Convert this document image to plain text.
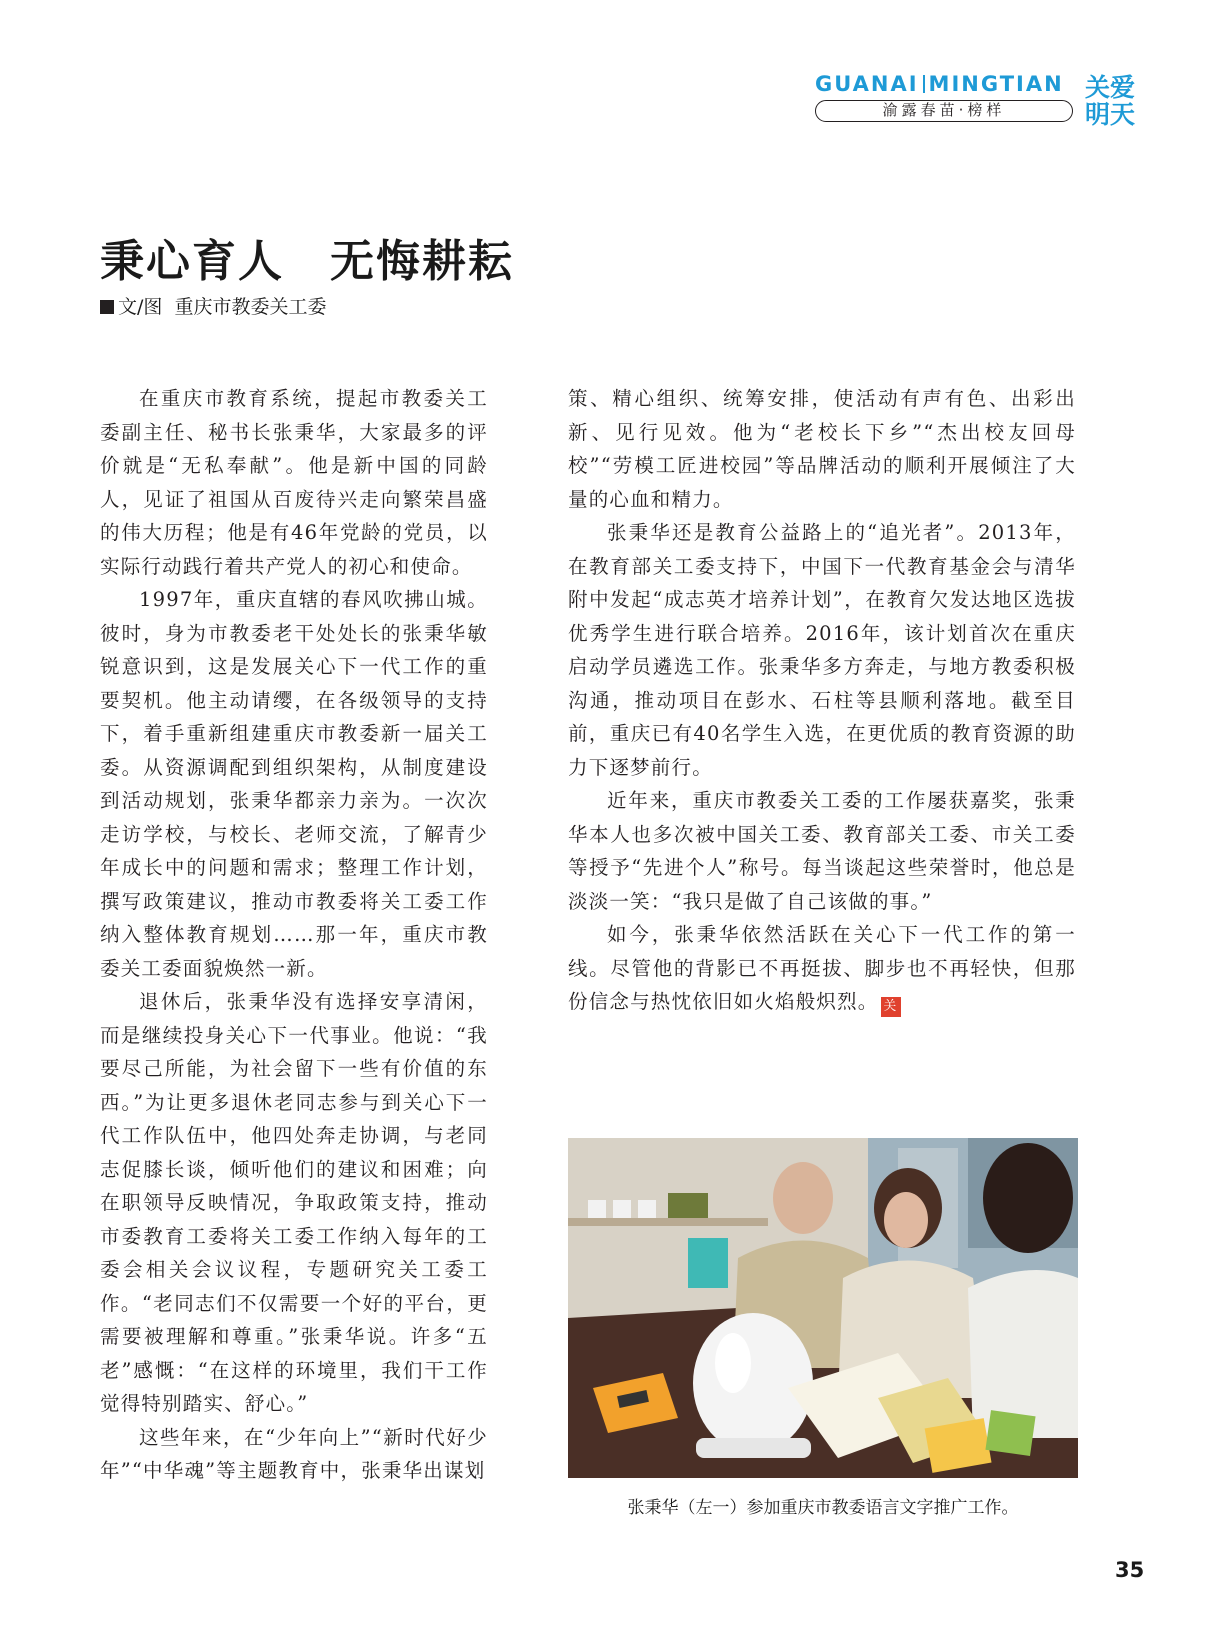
GUANAI MINGTIAN
渝露春苗·榜样
关爱
明天
秉心育人　无悔耕耘
文/图  重庆市教委关工委

在重庆市教育系统，提起市教委关工委副主任、秘书长张秉华，大家最多的评价就是“无私奉献”。他是新中国的同龄人，见证了祖国从百废待兴走向繁荣昌盛的伟大历程；他是有46年党龄的党员，以实际行动践行着共产党人的初心和使命。

1997年，重庆直辖的春风吹拂山城。彼时，身为市教委老干处处长的张秉华敏锐意识到，这是发展关心下一代工作的重要契机。他主动请缨，在各级领导的支持下，着手重新组建重庆市教委新一届关工委。从资源调配到组织架构，从制度建设到活动规划，张秉华都亲力亲为。一次次走访学校，与校长、老师交流，了解青少年成长中的问题和需求；整理工作计划，撰写政策建议，推动市教委将关工委工作纳入整体教育规划……那一年，重庆市教委关工委面貌焕然一新。

退休后，张秉华没有选择安享清闲，而是继续投身关心下一代事业。他说：“我要尽己所能，为社会留下一些有价值的东西。”为让更多退休老同志参与到关心下一代工作队伍中，他四处奔走协调，与老同志促膝长谈，倾听他们的建议和困难；向在职领导反映情况，争取政策支持，推动市委教育工委将关工委工作纳入每年的工委会相关会议议程，专题研究关工委工作。“老同志们不仅需要一个好的平台，更需要被理解和尊重。”张秉华说。许多“五老”感慨：“在这样的环境里，我们干工作觉得特别踏实、舒心。”

这些年来，在“少年向上”“新时代好少年”“中华魂”等主题教育中，张秉华出谋划

策、精心组织、统筹安排，使活动有声有色、出彩出新、见行见效。他为“老校长下乡”“杰出校友回母校”“劳模工匠进校园”等品牌活动的顺利开展倾注了大量的心血和精力。

张秉华还是教育公益路上的“追光者”。2013年，在教育部关工委支持下，中国下一代教育基金会与清华附中发起“成志英才培养计划”，在教育欠发达地区选拔优秀学生进行联合培养。2016年，该计划首次在重庆启动学员遴选工作。张秉华多方奔走，与地方教委积极沟通，推动项目在彭水、石柱等县顺利落地。截至目前，重庆已有40名学生入选，在更优质的教育资源的助力下逐梦前行。

近年来，重庆市教委关工委的工作屡获嘉奖，张秉华本人也多次被中国关工委、教育部关工委、市关工委等授予“先进个人”称号。每当谈起这些荣誉时，他总是淡淡一笑：“我只是做了自己该做的事。”

如今，张秉华依然活跃在关心下一代工作的第一线。尽管他的背影已不再挺拔、脚步也不再轻快，但那份信念与热忱依旧如火焰般炽烈。 关

张秉华（左一）参加重庆市教委语言文字推广工作。
35
